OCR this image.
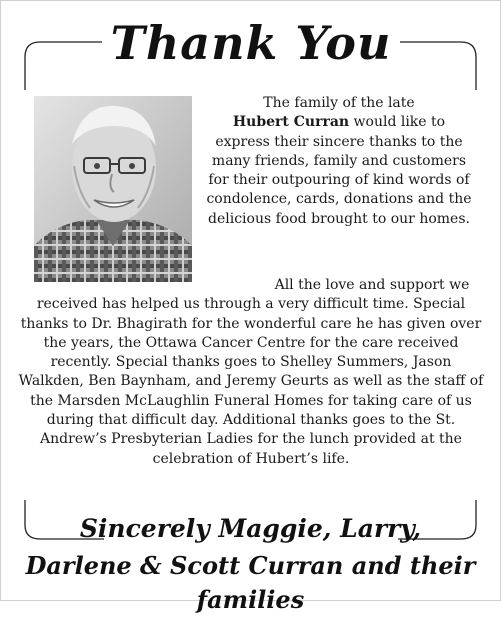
Thank You
The family of the late
Hubert Curran would like to express their sincere thanks to the many friends, family and customers for their outpouring of kind words of condolence, cards, donations and the delicious food brought to our homes.
All the love and support we received has helped us through a very difficult time. Special thanks to Dr. Bhagirath for the wonderful care he has given over the years, the Ottawa Cancer Centre for the care received recently. Special thanks goes to Shelley Summers, Jason Walkden, Ben Baynham, and Jeremy Geurts as well as the staff of the Marsden McLaughlin Funeral Homes for taking care of us during that difficult day. Additional thanks goes to the St. Andrew’s Presbyterian Ladies for the lunch provided at the celebration of Hubert’s life.
Sincerely Maggie, Larry,
Darlene & Scott Curran and their families
